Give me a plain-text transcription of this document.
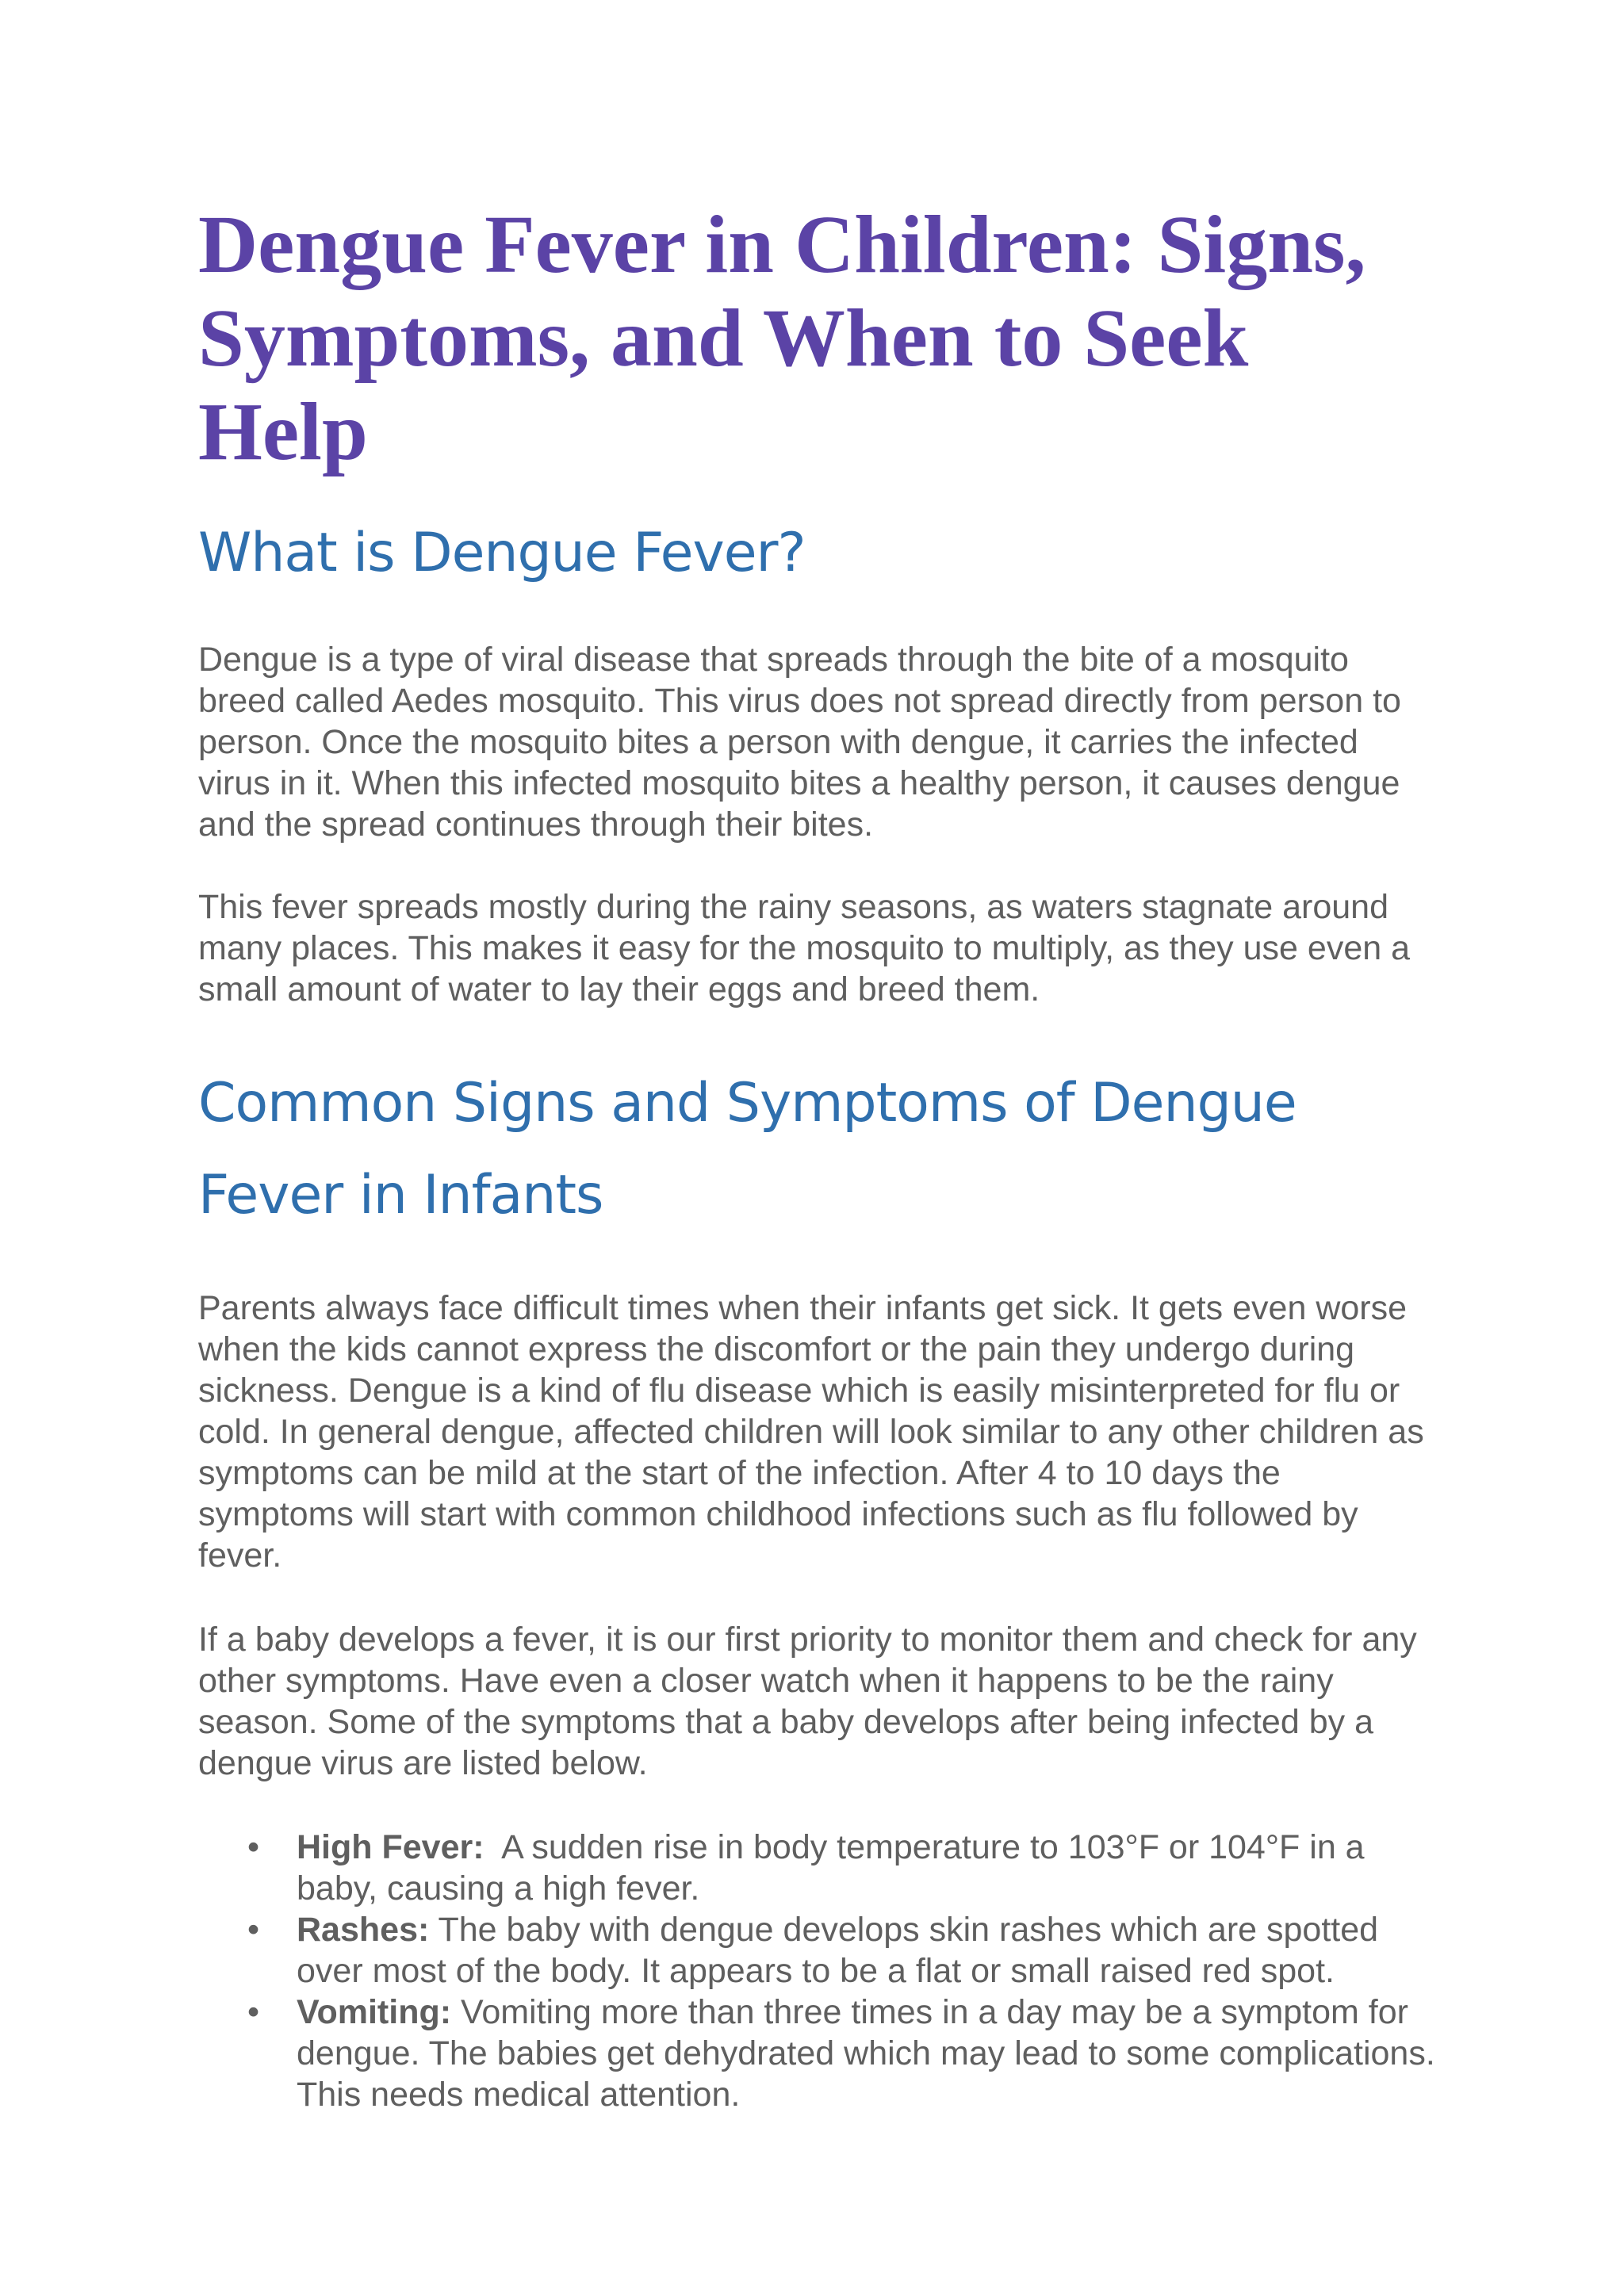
Dengue Fever in Children: Signs, Symptoms, and When to Seek Help
What is Dengue Fever?

Dengue is a type of viral disease that spreads through the bite of a mosquito breed called Aedes mosquito. This virus does not spread directly from person to person. Once the mosquito bites a person with dengue, it carries the infected virus in it. When this infected mosquito bites a healthy person, it causes dengue and the spread continues through their bites.

This fever spreads mostly during the rainy seasons, as waters stagnate around many places. This makes it easy for the mosquito to multiply, as they use even a small amount of water to lay their eggs and breed them.

Common Signs and Symptoms of Dengue Fever in Infants

Parents always face difficult times when their infants get sick. It gets even worse when the kids cannot express the discomfort or the pain they undergo during sickness. Dengue is a kind of flu disease which is easily misinterpreted for flu or cold. In general dengue, affected children will look similar to any other children as symptoms can be mild at the start of the infection. After 4 to 10 days the symptoms will start with common childhood infections such as flu followed by fever.

If a baby develops a fever, it is our first priority to monitor them and check for any other symptoms. Have even a closer watch when it happens to be the rainy season. Some of the symptoms that a baby develops after being infected by a dengue virus are listed below.

• High Fever:  A sudden rise in body temperature to 103°F or 104°F in a baby, causing a high fever.
• Rashes: The baby with dengue develops skin rashes which are spotted over most of the body. It appears to be a flat or small raised red spot.
• Vomiting: Vomiting more than three times in a day may be a symptom for dengue. The babies get dehydrated which may lead to some complications. This needs medical attention.
